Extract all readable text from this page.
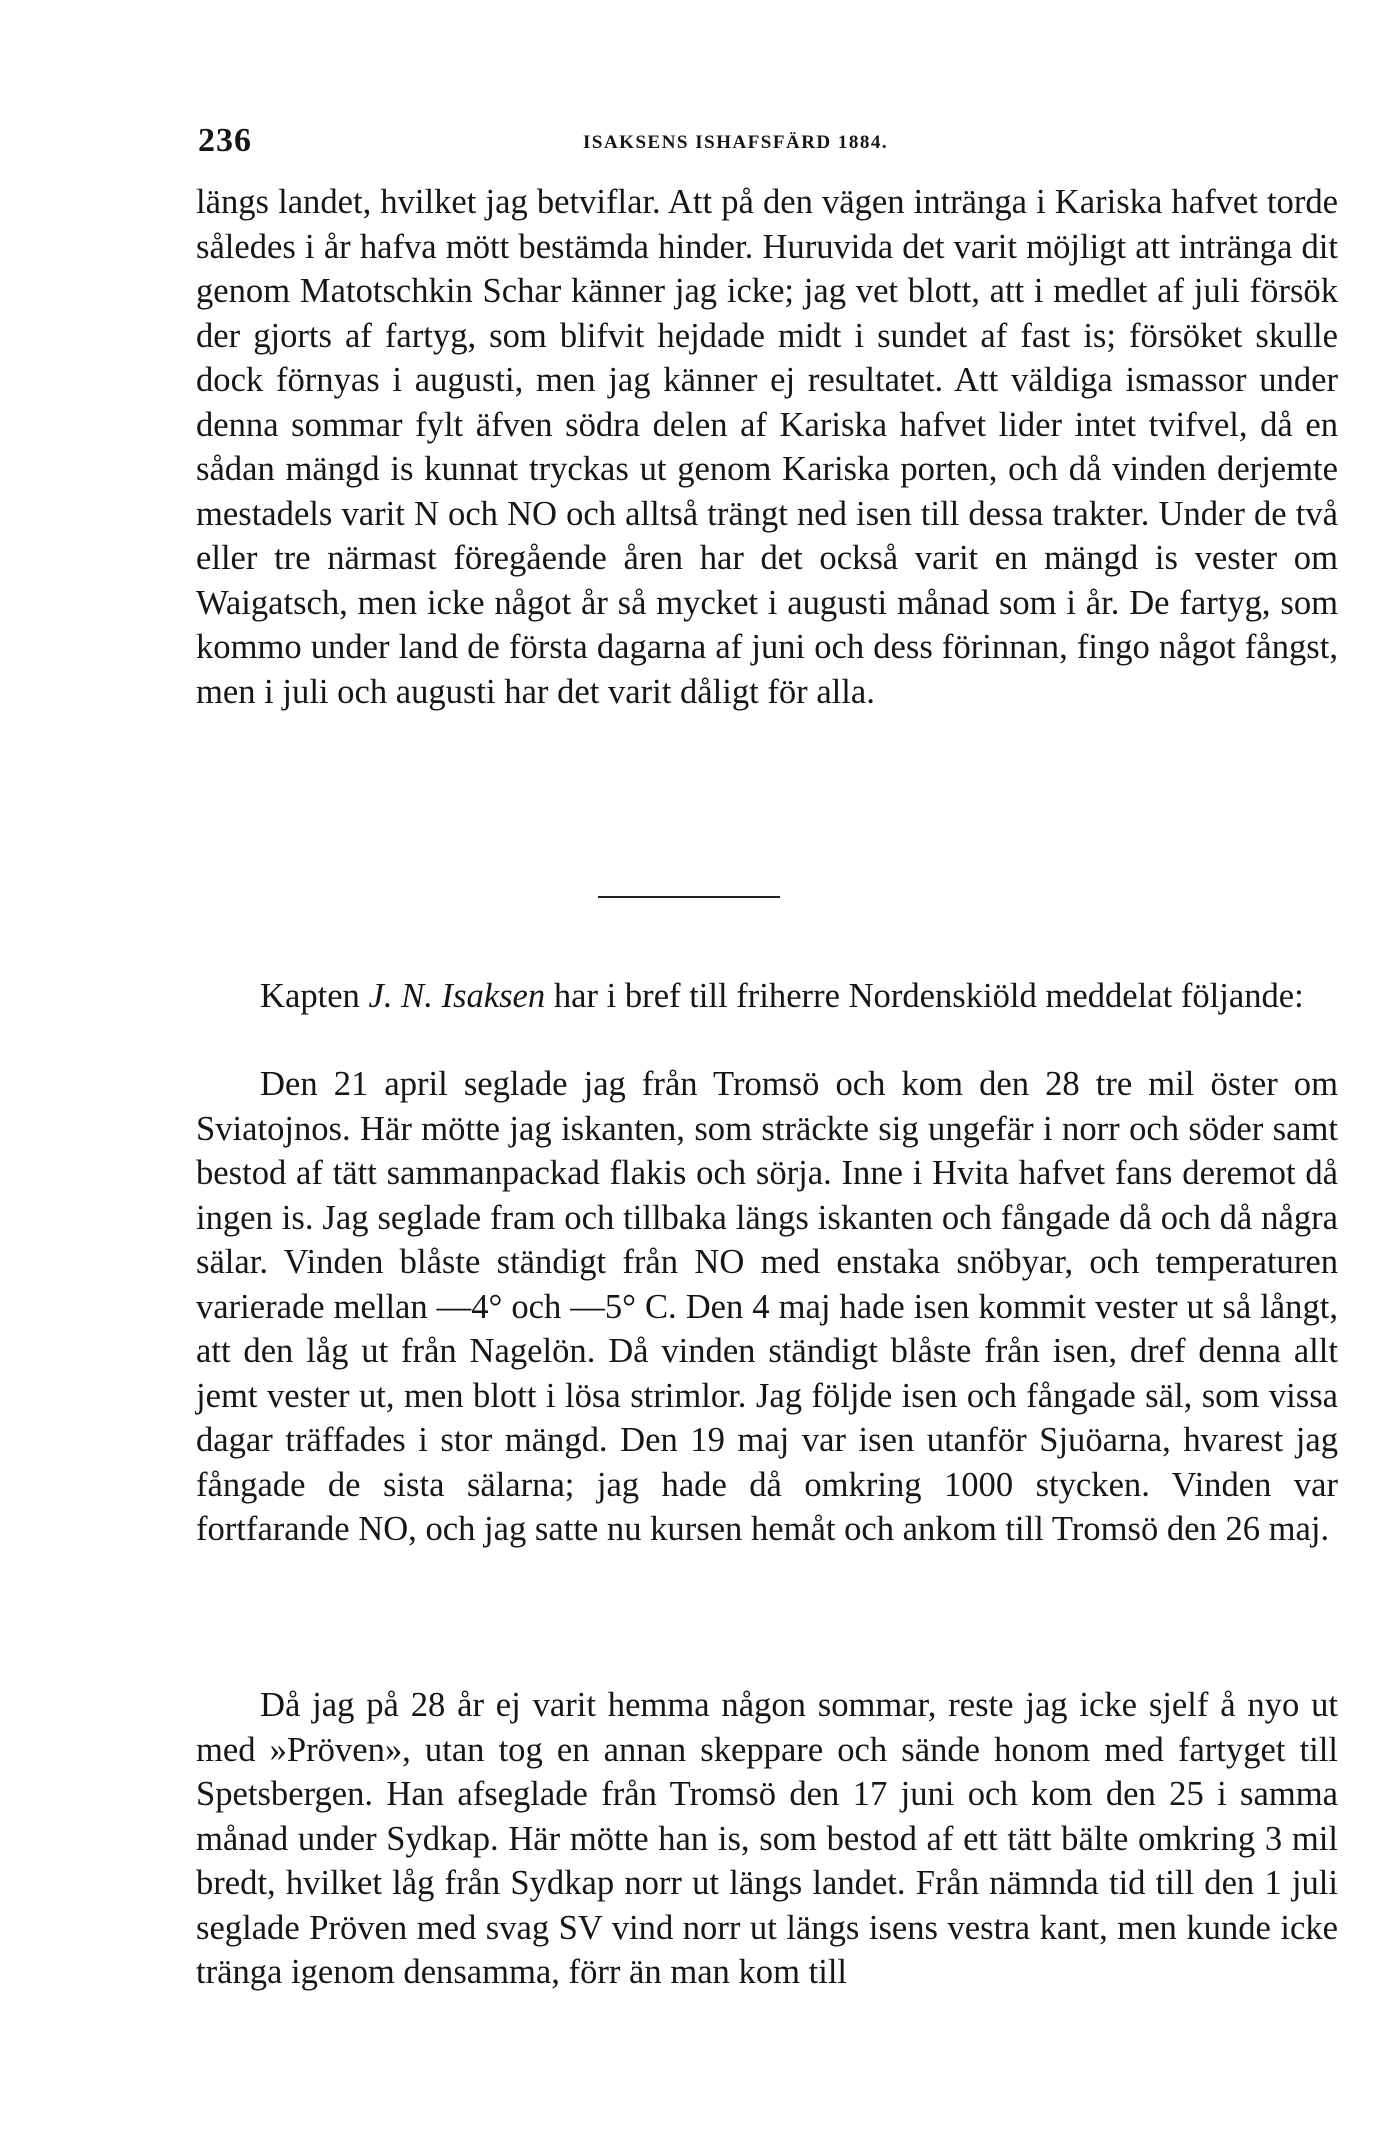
236	ISAKSENS ISHAFSFÄRD 1884.

längs landet, hvilket jag betviflar. Att på den vägen intränga i Kariska hafvet torde således i år hafva mött bestämda hinder. Huruvida det varit möjligt att intränga dit genom Matotschkin Schar känner jag icke; jag vet blott, att i medlet af juli försök der gjorts af fartyg, som blifvit hejdade midt i sundet af fast is; försöket skulle dock förnyas i augusti, men jag känner ej resultatet. Att väldiga ismassor under denna sommar fylt äfven södra delen af Kariska hafvet lider intet tvifvel, då en sådan mängd is kunnat tryckas ut genom Kariska porten, och då vinden derjemte mestadels varit N och NO och alltså trängt ned isen till dessa trakter. Under de två eller tre närmast föregående åren har det också varit en mängd is vester om Waigatsch, men icke något år så mycket i augusti månad som i år. De fartyg, som kommo under land de första dagarna af juni och dess förinnan, fingo något fångst, men i juli och augusti har det varit dåligt för alla.

Kapten J. N. Isaksen har i bref till friherre Nordenskiöld meddelat följande:

Den 21 april seglade jag från Tromsö och kom den 28 tre mil öster om Sviatojnos. Här mötte jag iskanten, som sträckte sig ungefär i norr och söder samt bestod af tätt sammanpackad flakis och sörja. Inne i Hvita hafvet fans deremot då ingen is. Jag seglade fram och tillbaka längs iskanten och fångade då och då några sälar. Vinden blåste ständigt från NO med enstaka snöbyar, och temperaturen varierade mellan —4° och —5° C. Den 4 maj hade isen kommit vester ut så långt, att den låg ut från Nagelön. Då vinden ständigt blåste från isen, dref denna allt jemt vester ut, men blott i lösa strimlor. Jag följde isen och fångade säl, som vissa dagar träffades i stor mängd. Den 19 maj var isen utanför Sjuöarna, hvarest jag fångade de sista sälarna; jag hade då omkring 1000 stycken. Vinden var fortfarande NO, och jag satte nu kursen hemåt och ankom till Tromsö den 26 maj.

Då jag på 28 år ej varit hemma någon sommar, reste jag icke sjelf å nyo ut med »Pröven», utan tog en annan skeppare och sände honom med fartyget till Spetsbergen. Han afseglade från Tromsö den 17 juni och kom den 25 i samma månad under Sydkap. Här mötte han is, som bestod af ett tätt bälte omkring 3 mil bredt, hvilket låg från Sydkap norr ut längs landet. Från nämnda tid till den 1 juli seglade Pröven med svag SV vind norr ut längs isens vestra kant, men kunde icke tränga igenom densamma, förr än man kom till
